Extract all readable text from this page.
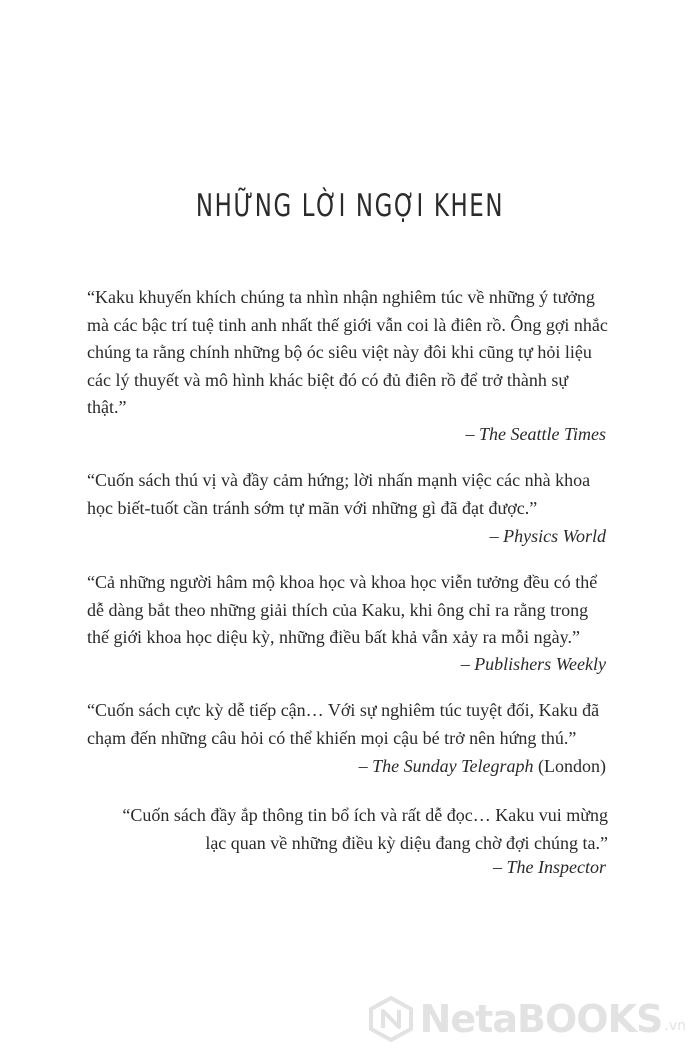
NHỮNG LỜI NGỢI KHEN

“Kaku khuyến khích chúng ta nhìn nhận nghiêm túc về những ý tưởng mà các bậc trí tuệ tinh anh nhất thế giới vẫn coi là điên rồ. Ông gợi nhắc chúng ta rằng chính những bộ óc siêu việt này đôi khi cũng tự hỏi liệu các lý thuyết và mô hình khác biệt đó có đủ điên rồ để trở thành sự thật.”

– The Seattle Times

“Cuốn sách thú vị và đầy cảm hứng; lời nhấn mạnh việc các nhà khoa học biết-tuốt cần tránh sớm tự mãn với những gì đã đạt được.”

– Physics World

“Cả những người hâm mộ khoa học và khoa học viễn tưởng đều có thể dễ dàng bắt theo những giải thích của Kaku, khi ông chỉ ra rằng trong thế giới khoa học diệu kỳ, những điều bất khả vẫn xảy ra mỗi ngày.”

– Publishers Weekly

“Cuốn sách cực kỳ dễ tiếp cận… Với sự nghiêm túc tuyệt đối, Kaku đã chạm đến những câu hỏi có thể khiến mọi cậu bé trở nên hứng thú.”

– The Sunday Telegraph (London)

“Cuốn sách đầy ắp thông tin bổ ích và rất dễ đọc… Kaku vui mừng lạc quan về những điều kỳ diệu đang chờ đợi chúng ta.”

– The Inspector
NetaBOOKS .vn
